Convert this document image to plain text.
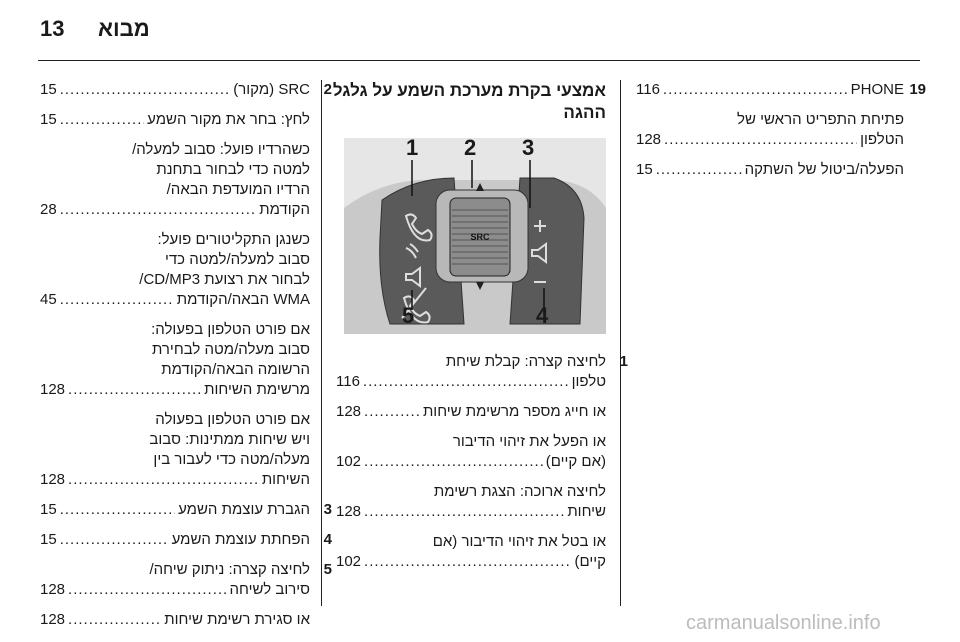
13 מבוא
2
SRC (מקור)
.....
15
לחץ: בחר את מקור השמע
.....
15
כשהרדיו פועל: סבוב למעלה/
למטה כדי לבחור בתחנת
הרדיו המועדפת הבאה/
הקודמת
.....
28
כשנגן התקליטורים פועל:
סבוב למעלה/למטה כדי
לבחור את רצועת CD/MP3/
WMA הבאה/הקודמת
.....
45
אם פורט הטלפון בפעולה:
סבוב מעלה/מטה לבחירת
הרשומה הבאה/הקודמת
מרשימת השיחות
.....
128
אם פורט הטלפון בפעולה
ויש שיחות ממתינות: סבוב
מעלה/מטה כדי לעבור בין
השיחות
.....
128
3
הגברת עוצמת השמע
.....
15
4
הפחתת עוצמת השמע
.....
15
5
לחיצה קצרה: ניתוק שיחה/
סירוב לשיחה
.....
128
או סגירת רשימת שיחות
.....
128
אמצעי בקרת מערכת השמע על גלגל
ההגה
SRC
1 2 3
4
5
1
לחיצה קצרה: קבלת שיחת
טלפון
.....
116
או חייג מספר מרשימת שיחות
.....
128
או הפעל את זיהוי הדיבור
(אם קיים)
.....
102
לחיצה ארוכה: הצגת רשימת
שיחות
.....
128
או בטל את זיהוי הדיבור (אם
קיים)
.....
102
19
PHONE
.....
116
פתיחת התפריט הראשי של
הטלפון
.....
128
הפעלה/ביטול של השתקה
.....
15
carmanualsonline.info
